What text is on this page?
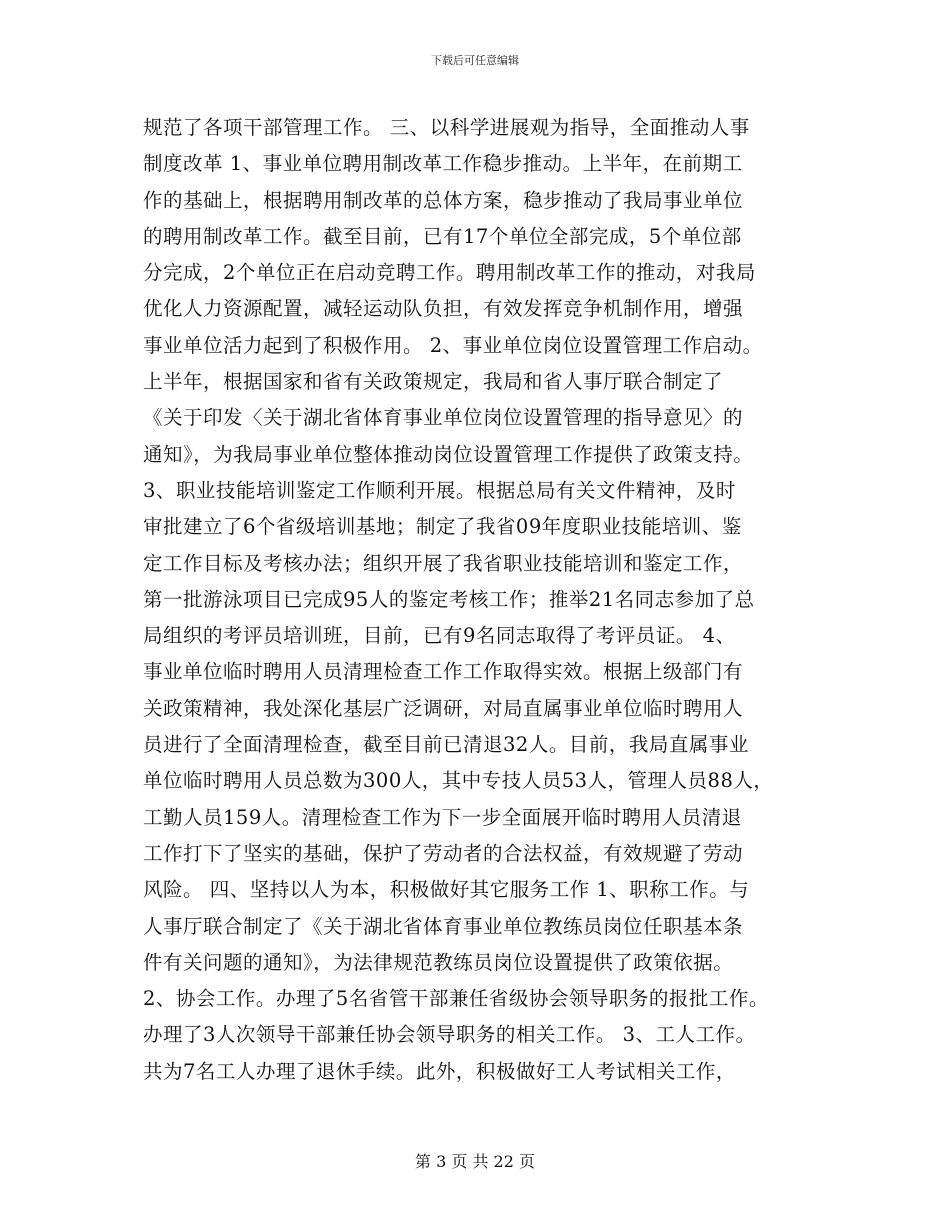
下载后可任意编辑
规范了各项干部管理工作。 三、以科学进展观为指导，全面推动人事
制度改革 1、事业单位聘用制改革工作稳步推动。上半年，在前期工
作的基础上，根据聘用制改革的总体方案，稳步推动了我局事业单位
的聘用制改革工作。截至目前，已有17个单位全部完成，5个单位部
分完成，2个单位正在启动竞聘工作。聘用制改革工作的推动，对我局
优化人力资源配置，减轻运动队负担，有效发挥竞争机制作用，增强
事业单位活力起到了积极作用。 2、事业单位岗位设置管理工作启动。
上半年，根据国家和省有关政策规定，我局和省人事厅联合制定了
《关于印发〈关于湖北省体育事业单位岗位设置管理的指导意见〉的
通知》，为我局事业单位整体推动岗位设置管理工作提供了政策支持。
3、职业技能培训鉴定工作顺利开展。根据总局有关文件精神，及时
审批建立了6个省级培训基地；制定了我省09年度职业技能培训、鉴
定工作目标及考核办法；组织开展了我省职业技能培训和鉴定工作，
第一批游泳项目已完成95人的鉴定考核工作；推举21名同志参加了总
局组织的考评员培训班，目前，已有9名同志取得了考评员证。 4、
事业单位临时聘用人员清理检查工作工作取得实效。根据上级部门有
关政策精神，我处深化基层广泛调研，对局直属事业单位临时聘用人
员进行了全面清理检查，截至目前已清退32人。目前，我局直属事业
单位临时聘用人员总数为300人，其中专技人员53人，管理人员88人，
工勤人员159人。清理检查工作为下一步全面展开临时聘用人员清退
工作打下了坚实的基础，保护了劳动者的合法权益，有效规避了劳动
风险。 四、坚持以人为本，积极做好其它服务工作 1、职称工作。与
人事厅联合制定了《关于湖北省体育事业单位教练员岗位任职基本条
件有关问题的通知》，为法律规范教练员岗位设置提供了政策依据。
2、协会工作。办理了5名省管干部兼任省级协会领导职务的报批工作。
办理了3人次领导干部兼任协会领导职务的相关工作。 3、工人工作。
共为7名工人办理了退休手续。此外，积极做好工人考试相关工作，
第 3 页 共 22 页
